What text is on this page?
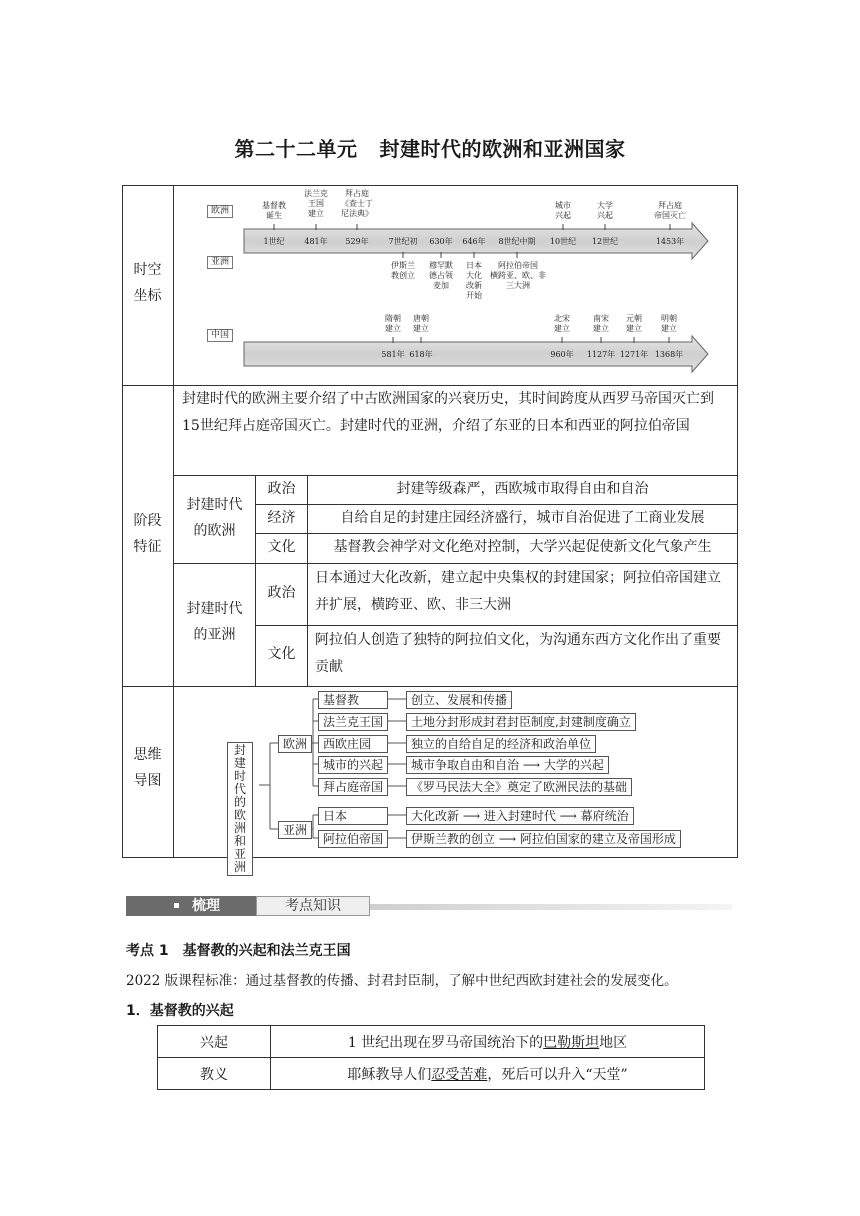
第二十二单元 封建时代的欧洲和亚洲国家
时空
坐标
阶段
特征
思维
导图
欧洲
亚洲
中国
基督教
诞生
法兰克
王国
建立
拜占庭
《查士丁
尼法典》
城市
兴起
大学
兴起
拜占庭
帝国灭亡
1世纪	481年	529年	7世纪初	630年	646年	8世纪中期	10世纪	12世纪	1453年
伊斯兰
教创立
穆罕默
德占领
麦加
日本
大化
改新
开始
阿拉伯帝国
横跨亚、欧、非
三大洲
隋朝
建立
唐朝
建立
北宋
建立
南宋
建立
元朝
建立
明朝
建立
581年 618年	960年	1127年 1271年 1368年
封建时代的欧洲主要介绍了中古欧洲国家的兴衰历史，其时间跨度从西罗马帝国灭亡到15世纪拜占庭帝国灭亡。封建时代的亚洲，介绍了东亚的日本和西亚的阿拉伯帝国
封建时代
的欧洲
政治	封建等级森严，西欧城市取得自由和自治
经济	自给自足的封建庄园经济盛行，城市自治促进了工商业发展
文化	基督教会神学对文化绝对控制，大学兴起促使新文化气象产生
封建时代
的亚洲
政治
日本通过大化改新，建立起中央集权的封建国家；阿拉伯帝国建立并扩展，横跨亚、欧、非三大洲
文化
阿拉伯人创造了独特的阿拉伯文化，为沟通东西方文化作出了重要贡献
封
建
时
代
的
欧
洲
和
亚
洲
欧洲
亚洲
基督教	创立、发展和传播
法兰克王国	土地分封形成封君封臣制度,封建制度确立
西欧庄园	独立的自给自足的经济和政治单位
城市的兴起	城市争取自由和自治 ⟶ 大学的兴起
拜占庭帝国	《罗马民法大全》奠定了欧洲民法的基础
日本	大化改新 ⟶ 进入封建时代 ⟶ 幕府统治
阿拉伯帝国	伊斯兰教的创立 ⟶ 阿拉伯国家的建立及帝国形成
梳理	考点知识
考点 1　基督教的兴起和法兰克王国
2022 版课程标准：通过基督教的传播、封君封臣制，了解中世纪西欧封建社会的发展变化。
1．基督教的兴起
兴起	1 世纪出现在罗马帝国统治下的巴勒斯坦地区
教义	耶稣教导人们忍受苦难，死后可以升入“天堂”
